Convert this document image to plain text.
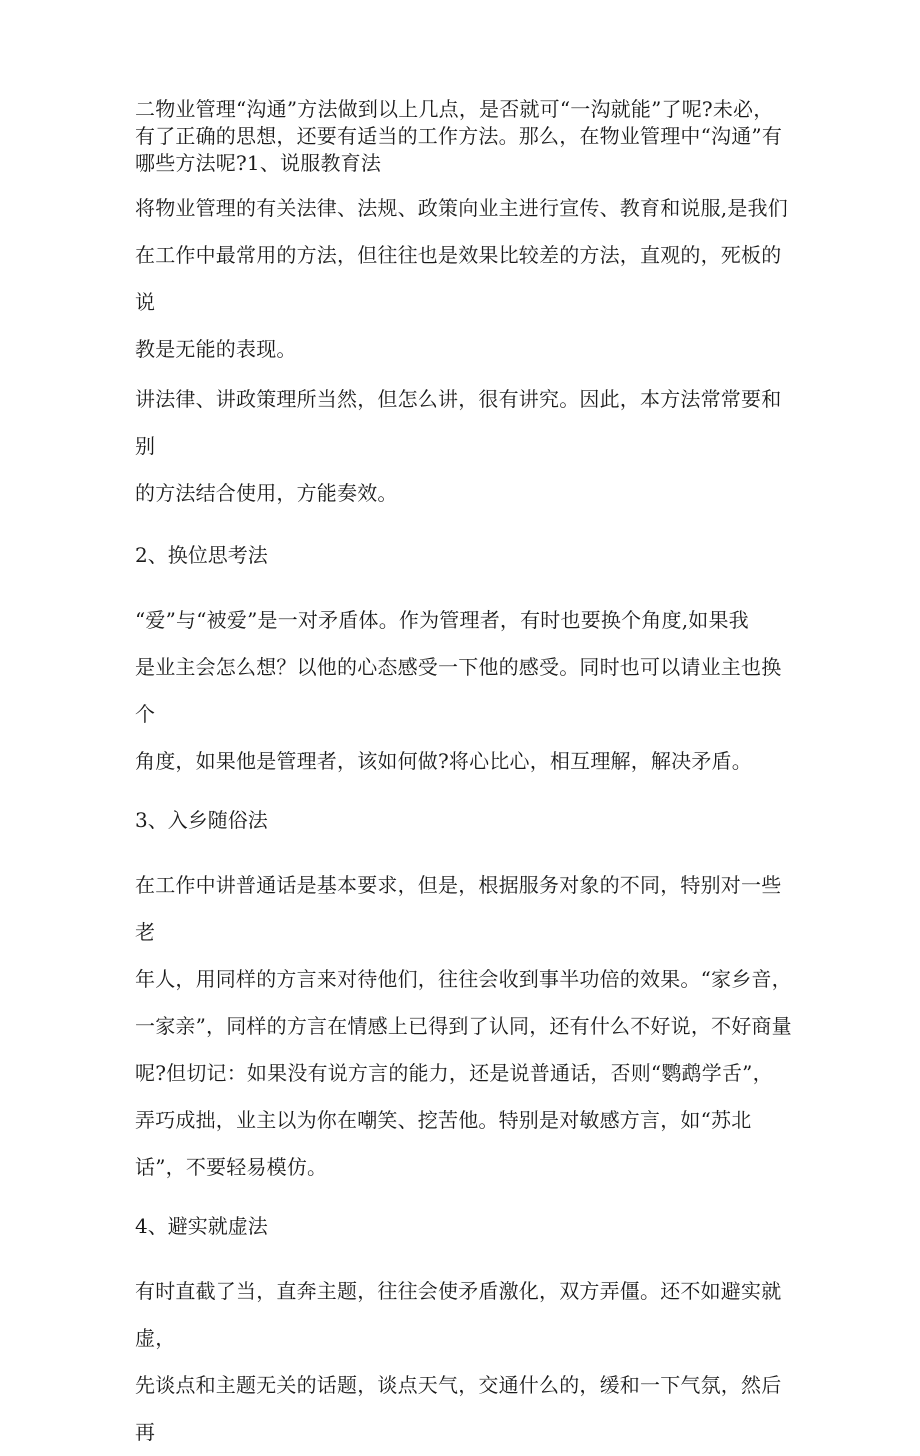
二物业管理“沟通”方法做到以上几点，是否就可“一沟就能”了呢?未必，
有了正确的思想，还要有适当的工作方法。那么，在物业管理中“沟通”有
哪些方法呢?1、说服教育法
将物业管理的有关法律、法规、政策向业主进行宣传、教育和说服,是我们
在工作中最常用的方法，但往往也是效果比较差的方法，直观的，死板的说
教是无能的表现。
讲法律、讲政策理所当然，但怎么讲，很有讲究。因此，本方法常常要和别
的方法结合使用，方能奏效。
2、换位思考法
“爱”与“被爱”是一对矛盾体。作为管理者，有时也要换个角度,如果我
是业主会怎么想？以他的心态感受一下他的感受。同时也可以请业主也换个
角度，如果他是管理者，该如何做?将心比心，相互理解，解决矛盾。
3、入乡随俗法
在工作中讲普通话是基本要求，但是，根据服务对象的不同，特别对一些老
年人，用同样的方言来对待他们，往往会收到事半功倍的效果。“家乡音，
一家亲”，同样的方言在情感上已得到了认同，还有什么不好说，不好商量
呢?但切记：如果没有说方言的能力，还是说普通话，否则“鹦鹉学舌”，
弄巧成拙，业主以为你在嘲笑、挖苦他。特别是对敏感方言，如“苏北
话”，不要轻易模仿。
4、避实就虚法
有时直截了当，直奔主题，往往会使矛盾激化，双方弄僵。还不如避实就虚，
先谈点和主题无关的话题，谈点天气，交通什么的，缓和一下气氛，然后再
